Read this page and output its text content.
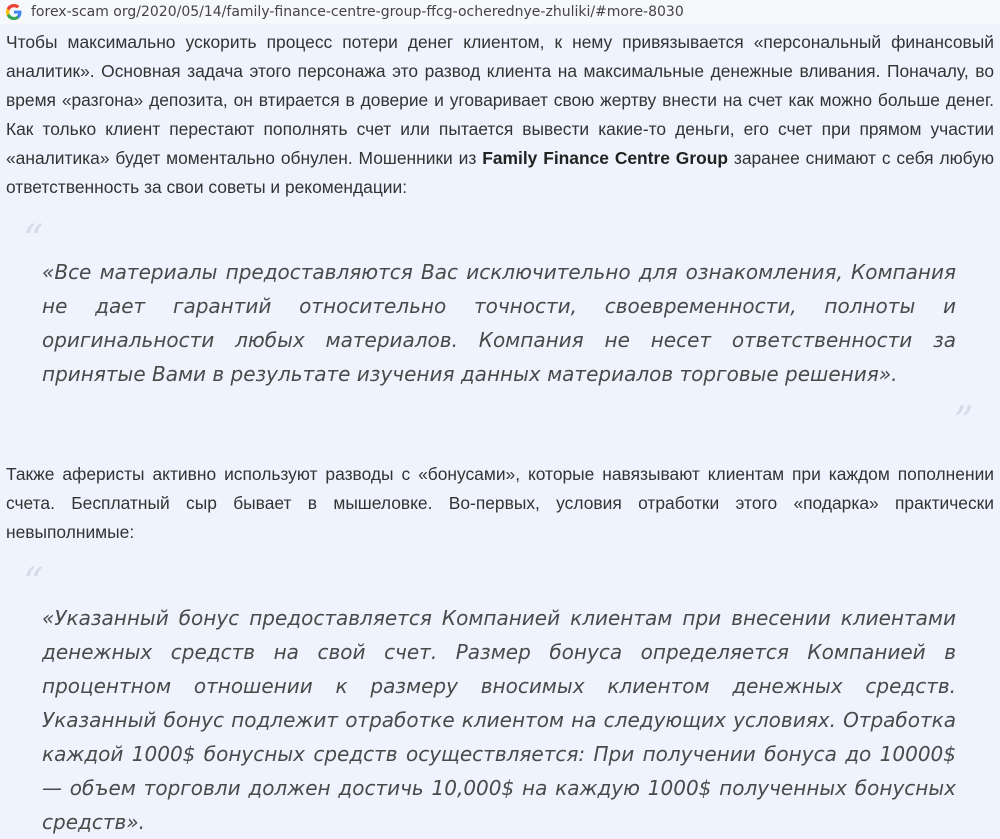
forex-scam org/2020/05/14/family-finance-centre-group-ffcg-ocherednye-zhuliki/#more-8030

Чтобы максимально ускорить процесс потери денег клиентом, к нему привязывается «персональный финансовый аналитик». Основная задача этого персонажа это развод клиента на максимальные денежные вливания. Поначалу, во время «разгона» депозита, он втирается в доверие и уговаривает свою жертву внести на счет как можно больше денег. Как только клиент перестают пополнять счет или пытается вывести какие-то деньги, его счет при прямом участии «аналитика» будет моментально обнулен. Мошенники из Family Finance Centre Group заранее снимают с себя любую ответственность за свои советы и рекомендации:

“

«Все материалы предоставляются Вас исключительно для ознакомления, Компания не дает гарантий относительно точности, своевременности, полноты и оригинальности любых материалов. Компания не несет ответственности за принятые Вами в результате изучения данных материалов торговые решения».

”

Также аферисты активно используют разводы с «бонусами», которые навязывают клиентам при каждом пополнении счета. Бесплатный сыр бывает в мышеловке. Во-первых, условия отработки этого «подарка» практически невыполнимые:

“

«Указанный бонус предоставляется Компанией клиентам при внесении клиентами денежных средств на свой счет. Размер бонуса определяется Компанией в процентном отношении к размеру вносимых клиентом денежных средств. Указанный бонус подлежит отработке клиентом на следующих условиях. Отработка каждой 1000$ бонусных средств осуществляется: При получении бонуса до 10000$ — объем торговли должен достичь 10,000$ на каждую 1000$ полученных бонусных средств».
